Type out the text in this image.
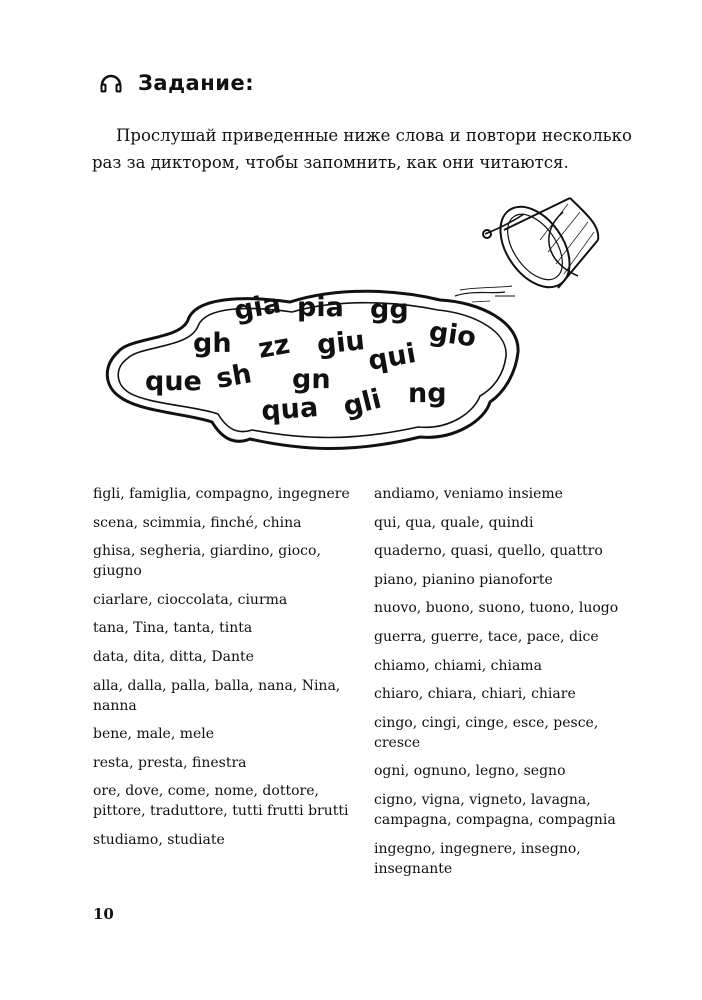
Задание:
Прослушай приведенные ниже слова и повтори несколько раз за диктором, чтобы запомнить, как они читаются.
gia pia gg
gh zz giu gio
que sh gn
qui
ng
qua gli
figli, famiglia, compagno, ingegnere
scena, scimmia, finché, china
ghisa, segheria, giardino, gioco, giugno
ciarlare, cioccolata, ciurma
tana, Tina, tanta, tinta
data, dita, ditta, Dante
alla, dalla, palla, balla, nana, Nina, nanna
bene, male, mele
resta, presta, finestra
ore, dove, come, nome, dottore, pittore, traduttore, tutti frutti brutti
studiamo, studiate
andiamo, veniamo insieme
qui, qua, quale, quindi
quaderno, quasi, quello, quattro
piano, pianino pianoforte
nuovo, buono, suono, tuono, luogo
guerra, guerre, tace, pace, dice
chiamo, chiami, chiama
chiaro, chiara, chiari, chiare
cingo, cingi, cinge, esce, pesce, cresce
ogni, ognuno, legno, segno
cigno, vigna, vigneto, lavagna, campagna, compagna, compagnia
ingegno, ingegnere, insegno, insegnante
10
